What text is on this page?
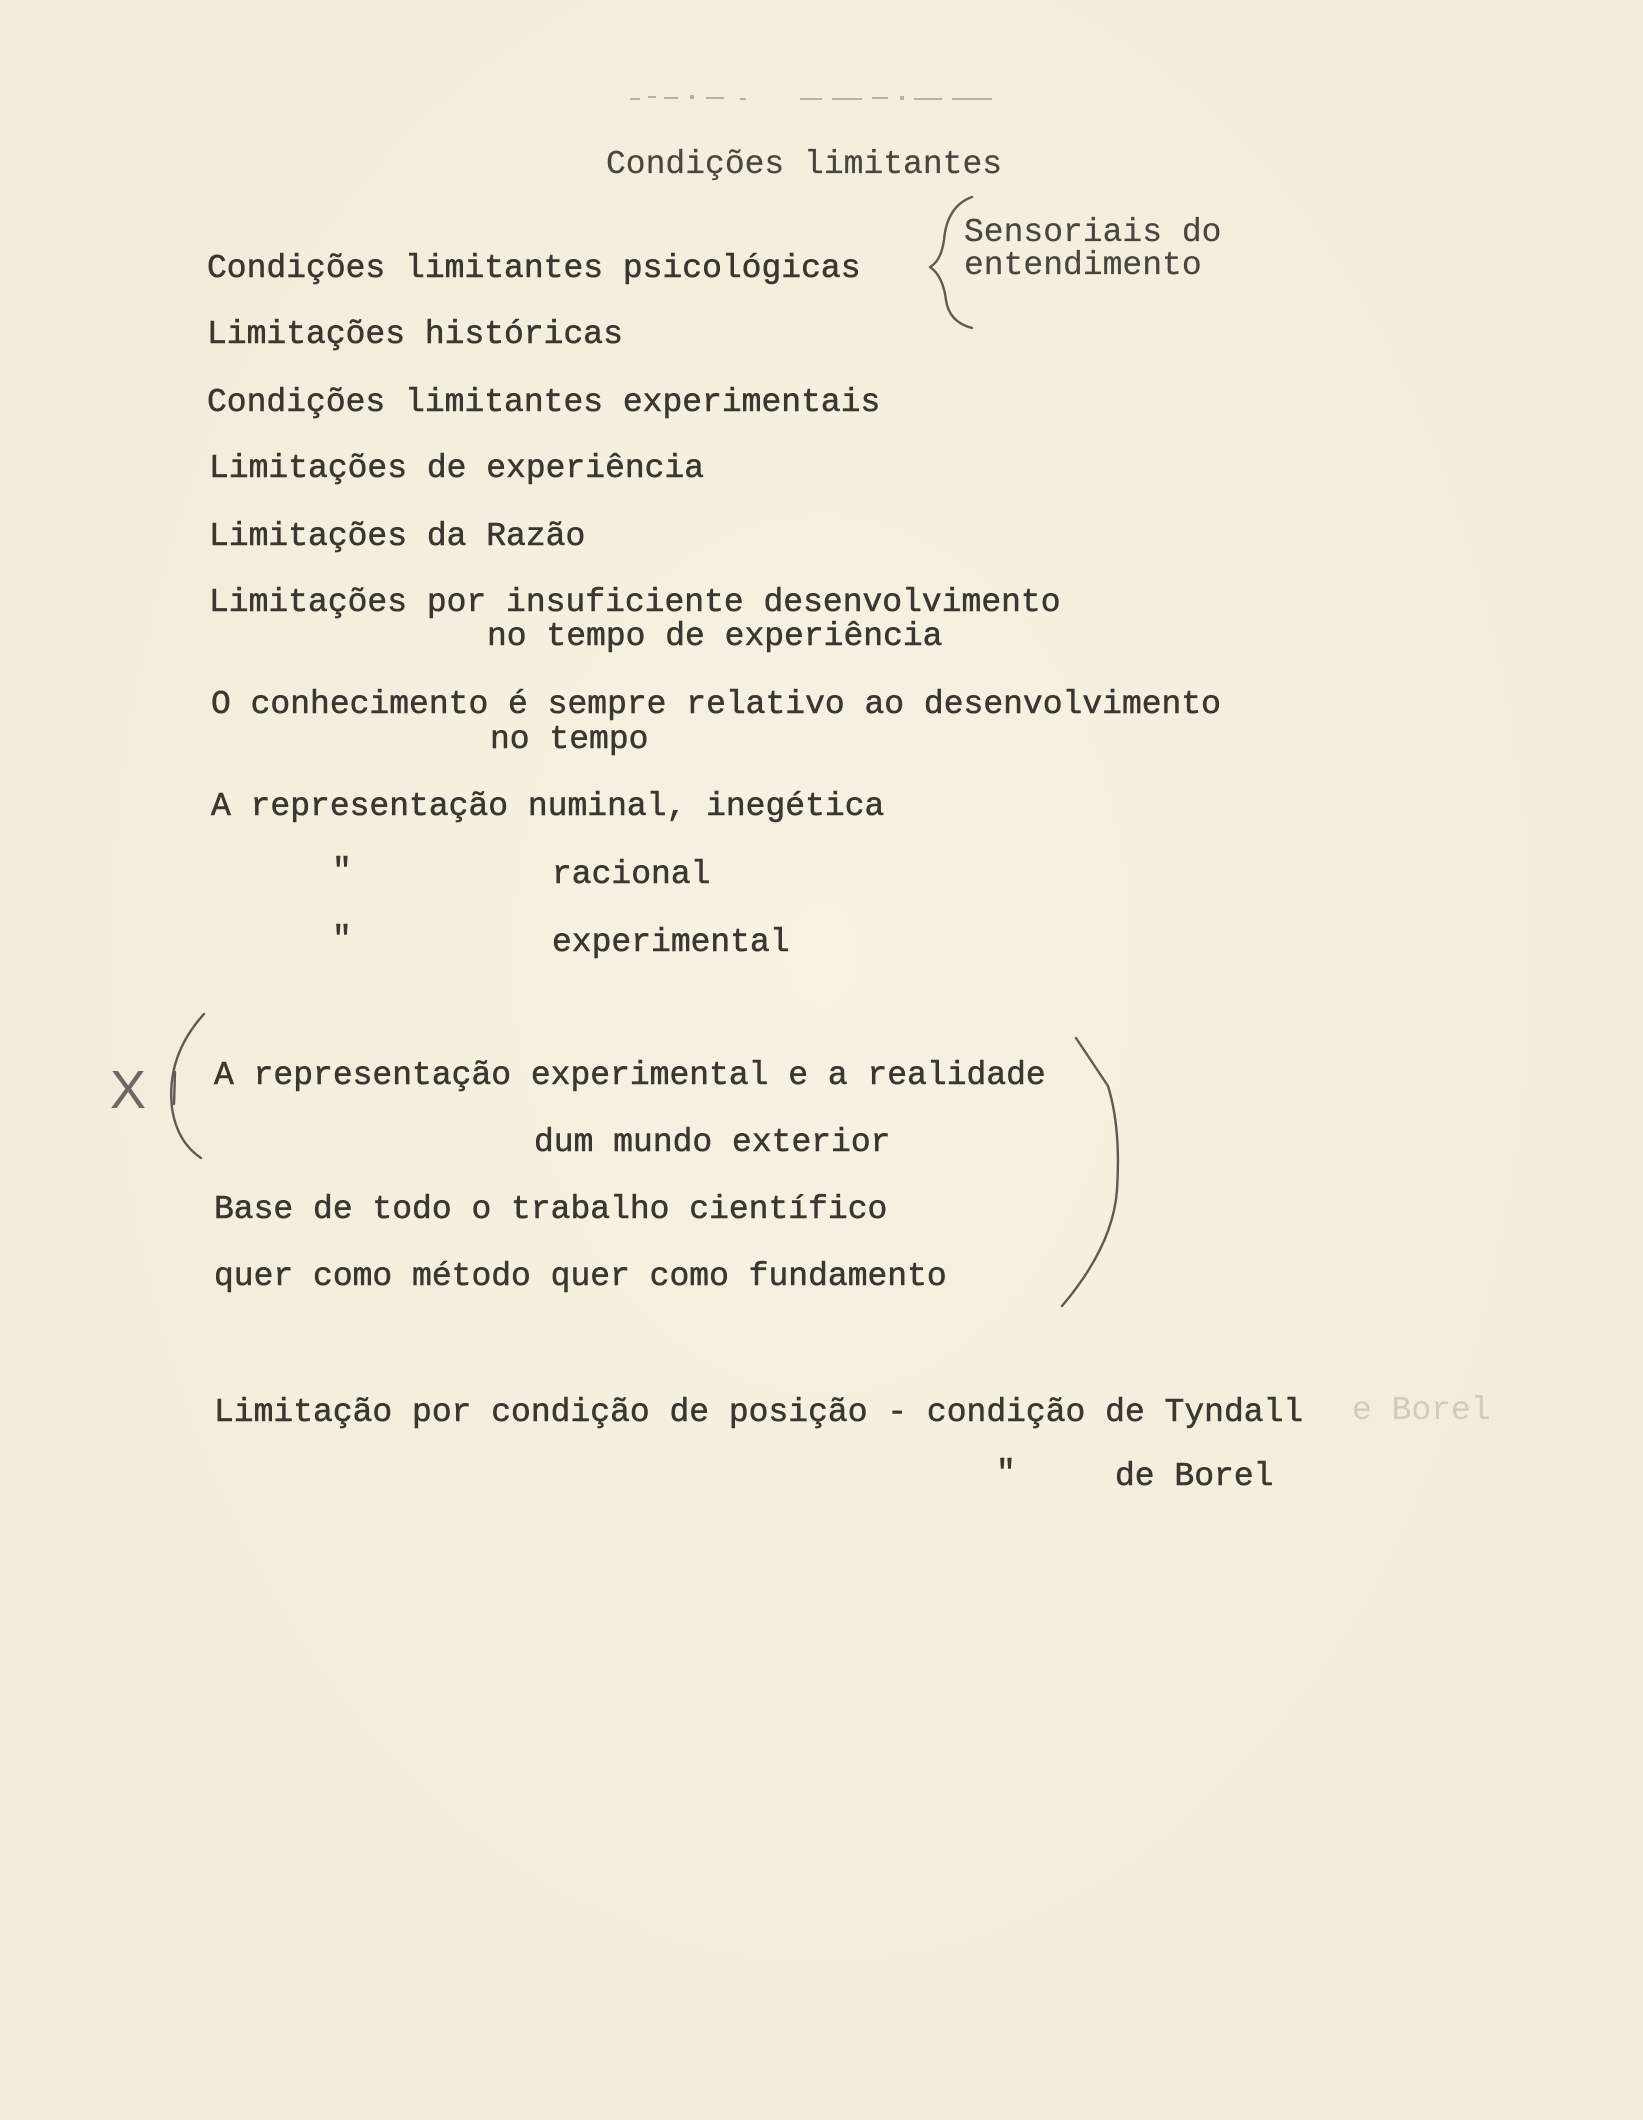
Condições limitantes
Sensoriais do
entendimento
Condições limitantes psicológicas
Limitações históricas
Condições limitantes experimentais
Limitações de experiência
Limitações da Razão
Limitações por insuficiente desenvolvimento
no tempo de experiência
O conhecimento é sempre relativo ao desenvolvimento
no tempo
A representação numinal, inegética
"	racional
"	experimental
X A representação experimental e a realidade
dum mundo exterior
Base de todo o trabalho científico
quer como método quer como fundamento
Limitação por condição de posição - condição de Tyndall e Borel
"	de Borel
